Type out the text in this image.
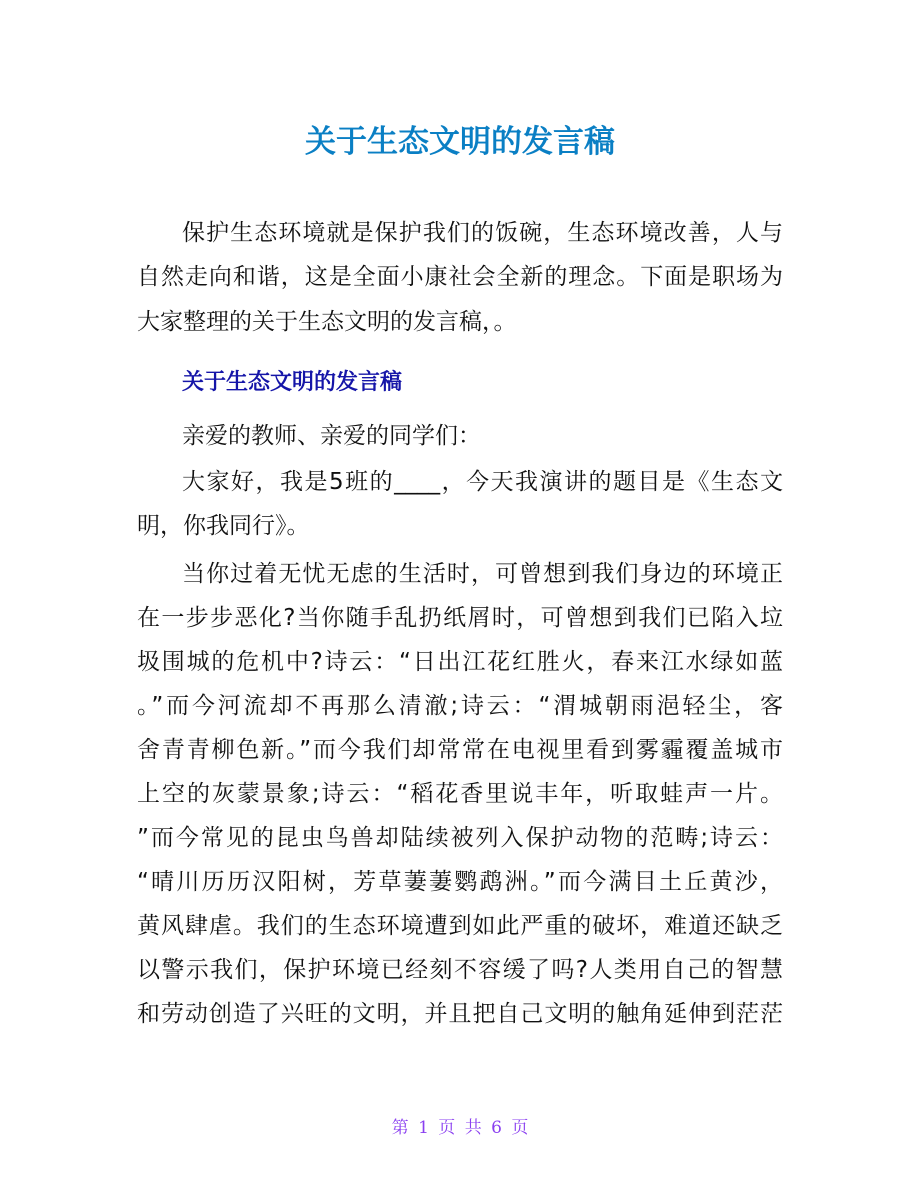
关于生态文明的发言稿
保护生态环境就是保护我们的饭碗，生态环境改善，人与
自然走向和谐，这是全面小康社会全新的理念。下面是职场为
大家整理的关于生态文明的发言稿，。
关于生态文明的发言稿
亲爱的教师、亲爱的同学们：
大家好，我是5班的____，今天我演讲的题目是《生态文
明，你我同行》。
当你过着无忧无虑的生活时，可曾想到我们身边的环境正
在一步步恶化?当你随手乱扔纸屑时，可曾想到我们已陷入垃
圾围城的危机中?诗云：“日出江花红胜火，春来江水绿如蓝
。”而今河流却不再那么清澈;诗云：“渭城朝雨浥轻尘，客
舍青青柳色新。”而今我们却常常在电视里看到雾霾覆盖城市
上空的灰蒙景象;诗云：“稻花香里说丰年，听取蛙声一片。
”而今常见的昆虫鸟兽却陆续被列入保护动物的范畴;诗云：
“晴川历历汉阳树，芳草萋萋鹦鹉洲。”而今满目土丘黄沙，
黄风肆虐。我们的生态环境遭到如此严重的破坏，难道还缺乏
以警示我们，保护环境已经刻不容缓了吗?人类用自己的智慧
和劳动创造了兴旺的文明，并且把自己文明的触角延伸到茫茫
第 1 页 共 6 页
